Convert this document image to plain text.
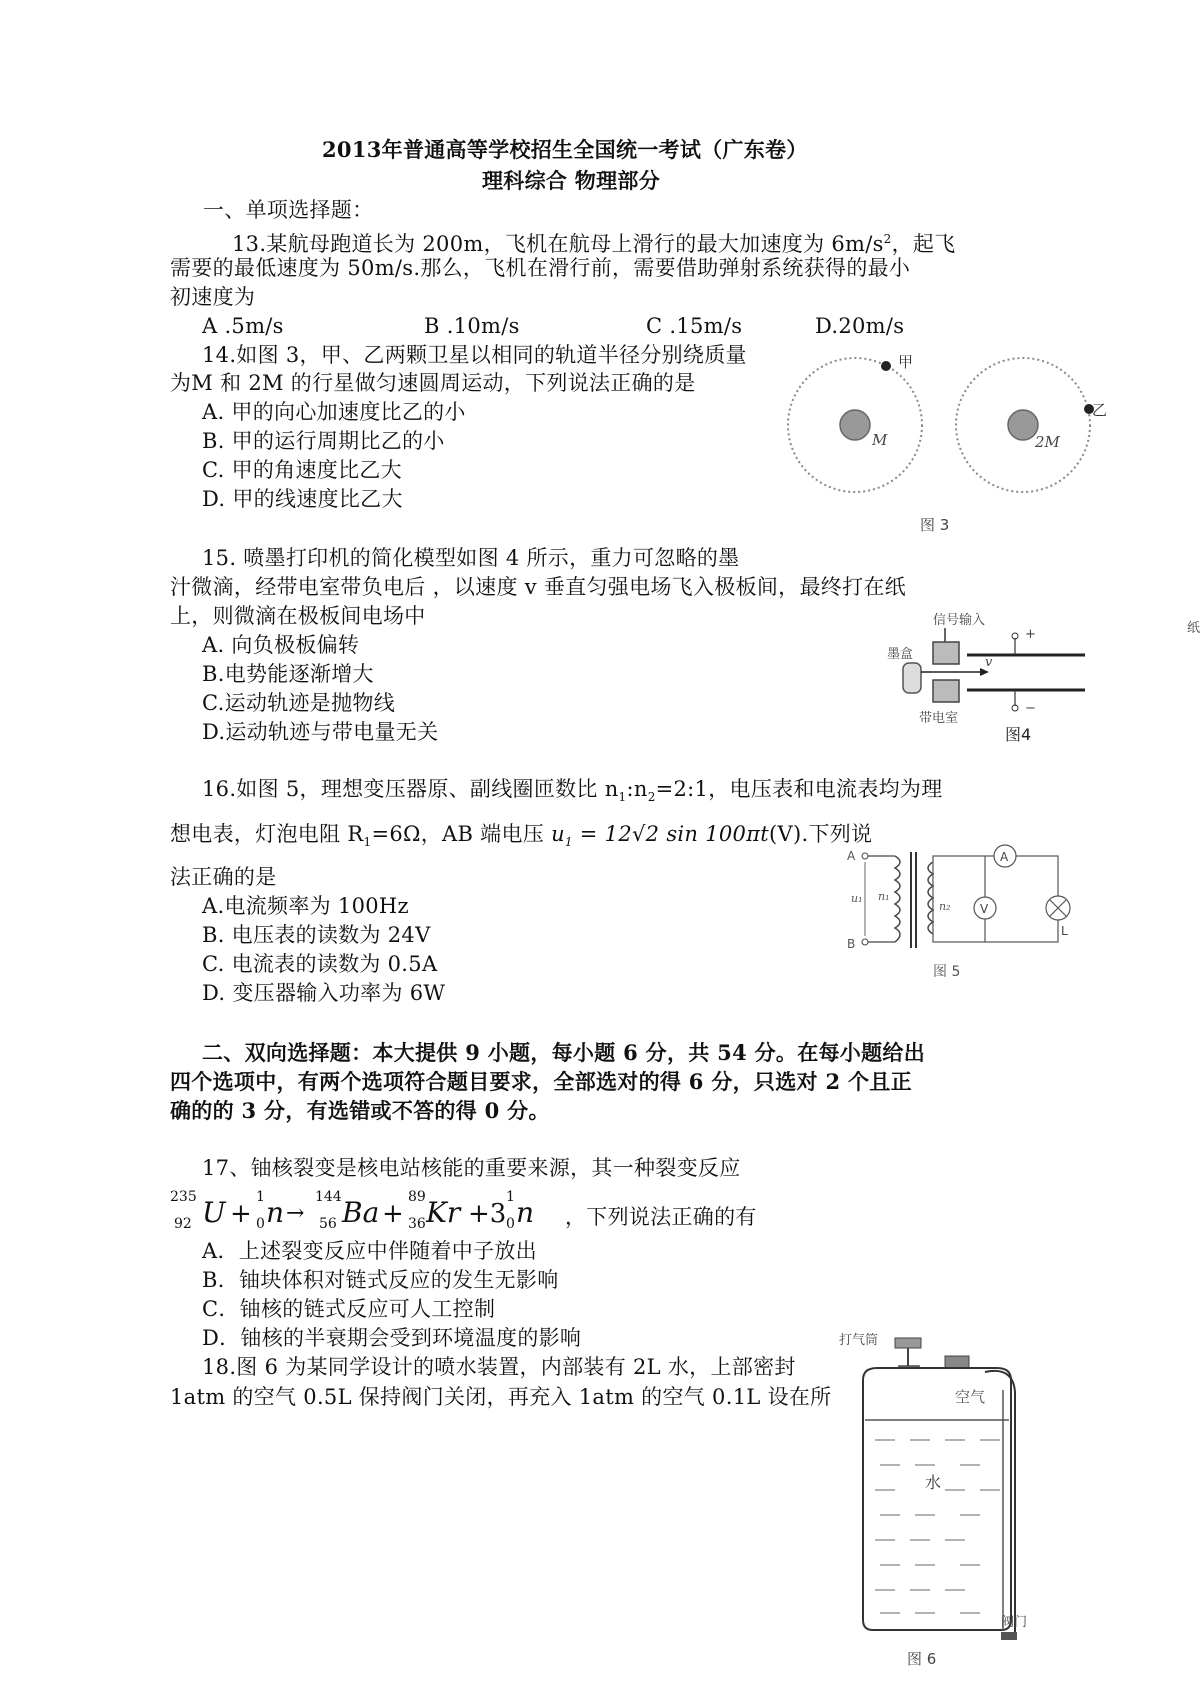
2013年普通高等学校招生全国统一考试（广东卷）
理科综合 物理部分
一、单项选择题：
13.某航母跑道长为 200m，飞机在航母上滑行的最大加速度为 $6m/s^2$，起飞
需要的最低速度为 50m/s.那么，飞机在滑行前，需要借助弹射系统获得的最小
初速度为
A .5m/s	B .10m/s	C .15m/s	D.20m/s
14.如图 3，甲、乙两颗卫星以相同的轨道半径分别绕质量
为M 和 2M 的行星做匀速圆周运动，下列说法正确的是
A. 甲的向心加速度比乙的小
B. 甲的运行周期比乙的小
C. 甲的角速度比乙大
D. 甲的线速度比乙大
甲
乙
M	2M
图 3
15. 喷墨打印机的简化模型如图 4 所示，重力可忽略的墨
汁微滴，经带电室带负电后 ，以速度 v 垂直匀强电场飞入极板间，最终打在纸
上，则微滴在极板间电场中
A. 向负极板偏转
B.电势能逐渐增大
C.运动轨迹是抛物线
D.运动轨迹与带电量无关
信号输入
墨盒
v
+
−
纸
带电室
图4
16.如图 5，理想变压器原、副线圈匝数比 $n_1:n_2=2:1$，电压表和电流表均为理
想电表，灯泡电阻 $R_1=6\Omega$，AB 端电压 $u_1 = 12√2$ sin 100πt(V).下列说
法正确的是
A.电流频率为 100Hz
B. 电压表的读数为 24V
C. 电流表的读数为 0.5A
D. 变压器输入功率为 6W
A
B
u₁ n₁
n₂
A
V
L
图 5
二、双向选择题：本大提供 9 小题，每小题 6 分，共 54 分。在每小题给出
四个选项中，有两个选项符合题目要求，全部选对的得 6 分，只选对 2 个且正
确的的 3 分，有选错或不答的得 0 分。
17、铀核裂变是核电站核能的重要来源，其一种裂变反应
235
92 U +
1
0 n →
144
56 Ba +
89
36 Kr +3
1
0 n ，下列说法正确的有
A．上述裂变反应中伴随着中子放出
B．铀块体积对链式反应的发生无影响
C．铀核的链式反应可人工控制
D．铀核的半衰期会受到环境温度的影响
18.图 6 为某同学设计的喷水装置，内部装有 2L 水，上部密封
1atm 的空气 0.5L 保持阀门关闭，再充入 1atm 的空气 0.1L 设在所
打气筒
空气
水
阀门
图 6
